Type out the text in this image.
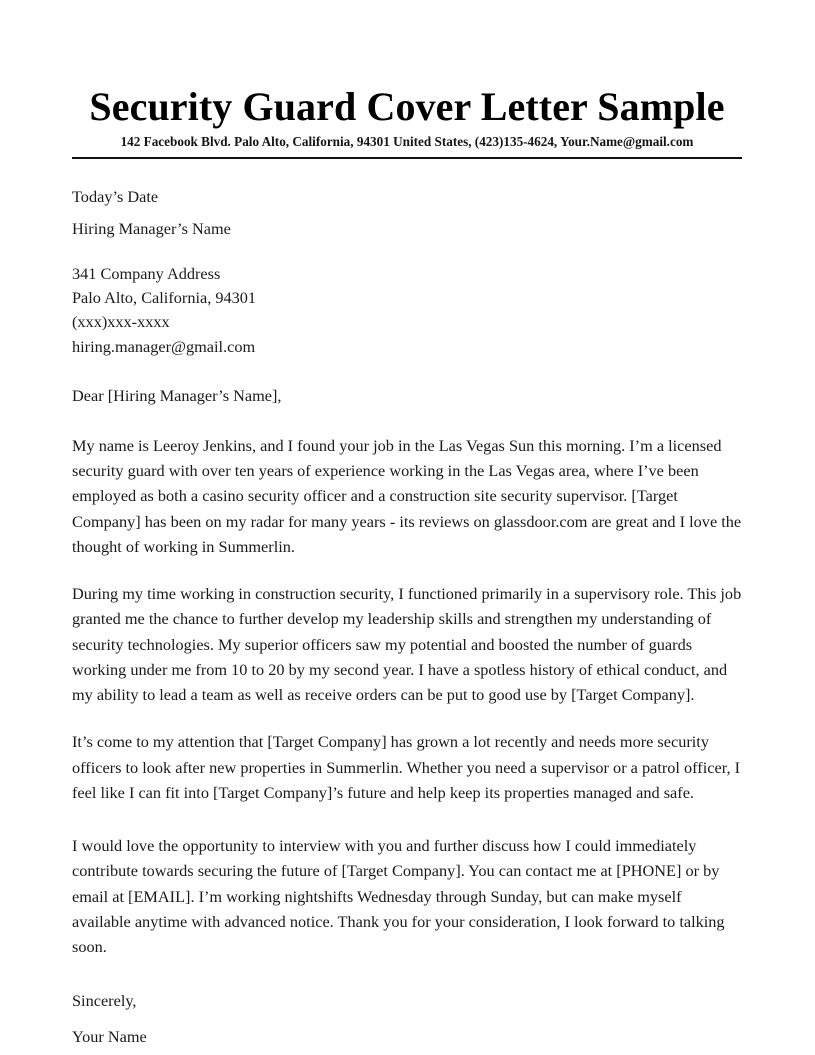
Security Guard Cover Letter Sample

142 Facebook Blvd. Palo Alto, California, 94301 United States, (423)135-4624, Your.Name@gmail.com

Today’s Date

Hiring Manager’s Name

341 Company Address

Palo Alto, California, 94301

(xxx)xxx-xxxx

hiring.manager@gmail.com

Dear [Hiring Manager’s Name],

My name is Leeroy Jenkins, and I found your job in the Las Vegas Sun this morning. I’m a licensed security guard with over ten years of experience working in the Las Vegas area, where I’ve been employed as both a casino security officer and a construction site security supervisor. [Target Company] has been on my radar for many years - its reviews on glassdoor.com are great and I love the thought of working in Summerlin.

During my time working in construction security, I functioned primarily in a supervisory role. This job granted me the chance to further develop my leadership skills and strengthen my understanding of security technologies. My superior officers saw my potential and boosted the number of guards working under me from 10 to 20 by my second year. I have a spotless history of ethical conduct, and my ability to lead a team as well as receive orders can be put to good use by [Target Company].

It’s come to my attention that [Target Company] has grown a lot recently and needs more security officers to look after new properties in Summerlin. Whether you need a supervisor or a patrol officer, I feel like I can fit into [Target Company]’s future and help keep its properties managed and safe.

I would love the opportunity to interview with you and further discuss how I could immediately contribute towards securing the future of [Target Company]. You can contact me at [PHONE] or by email at [EMAIL]. I’m working nightshifts Wednesday through Sunday, but can make myself available anytime with advanced notice. Thank you for your consideration, I look forward to talking soon.

Sincerely,

Your Name
